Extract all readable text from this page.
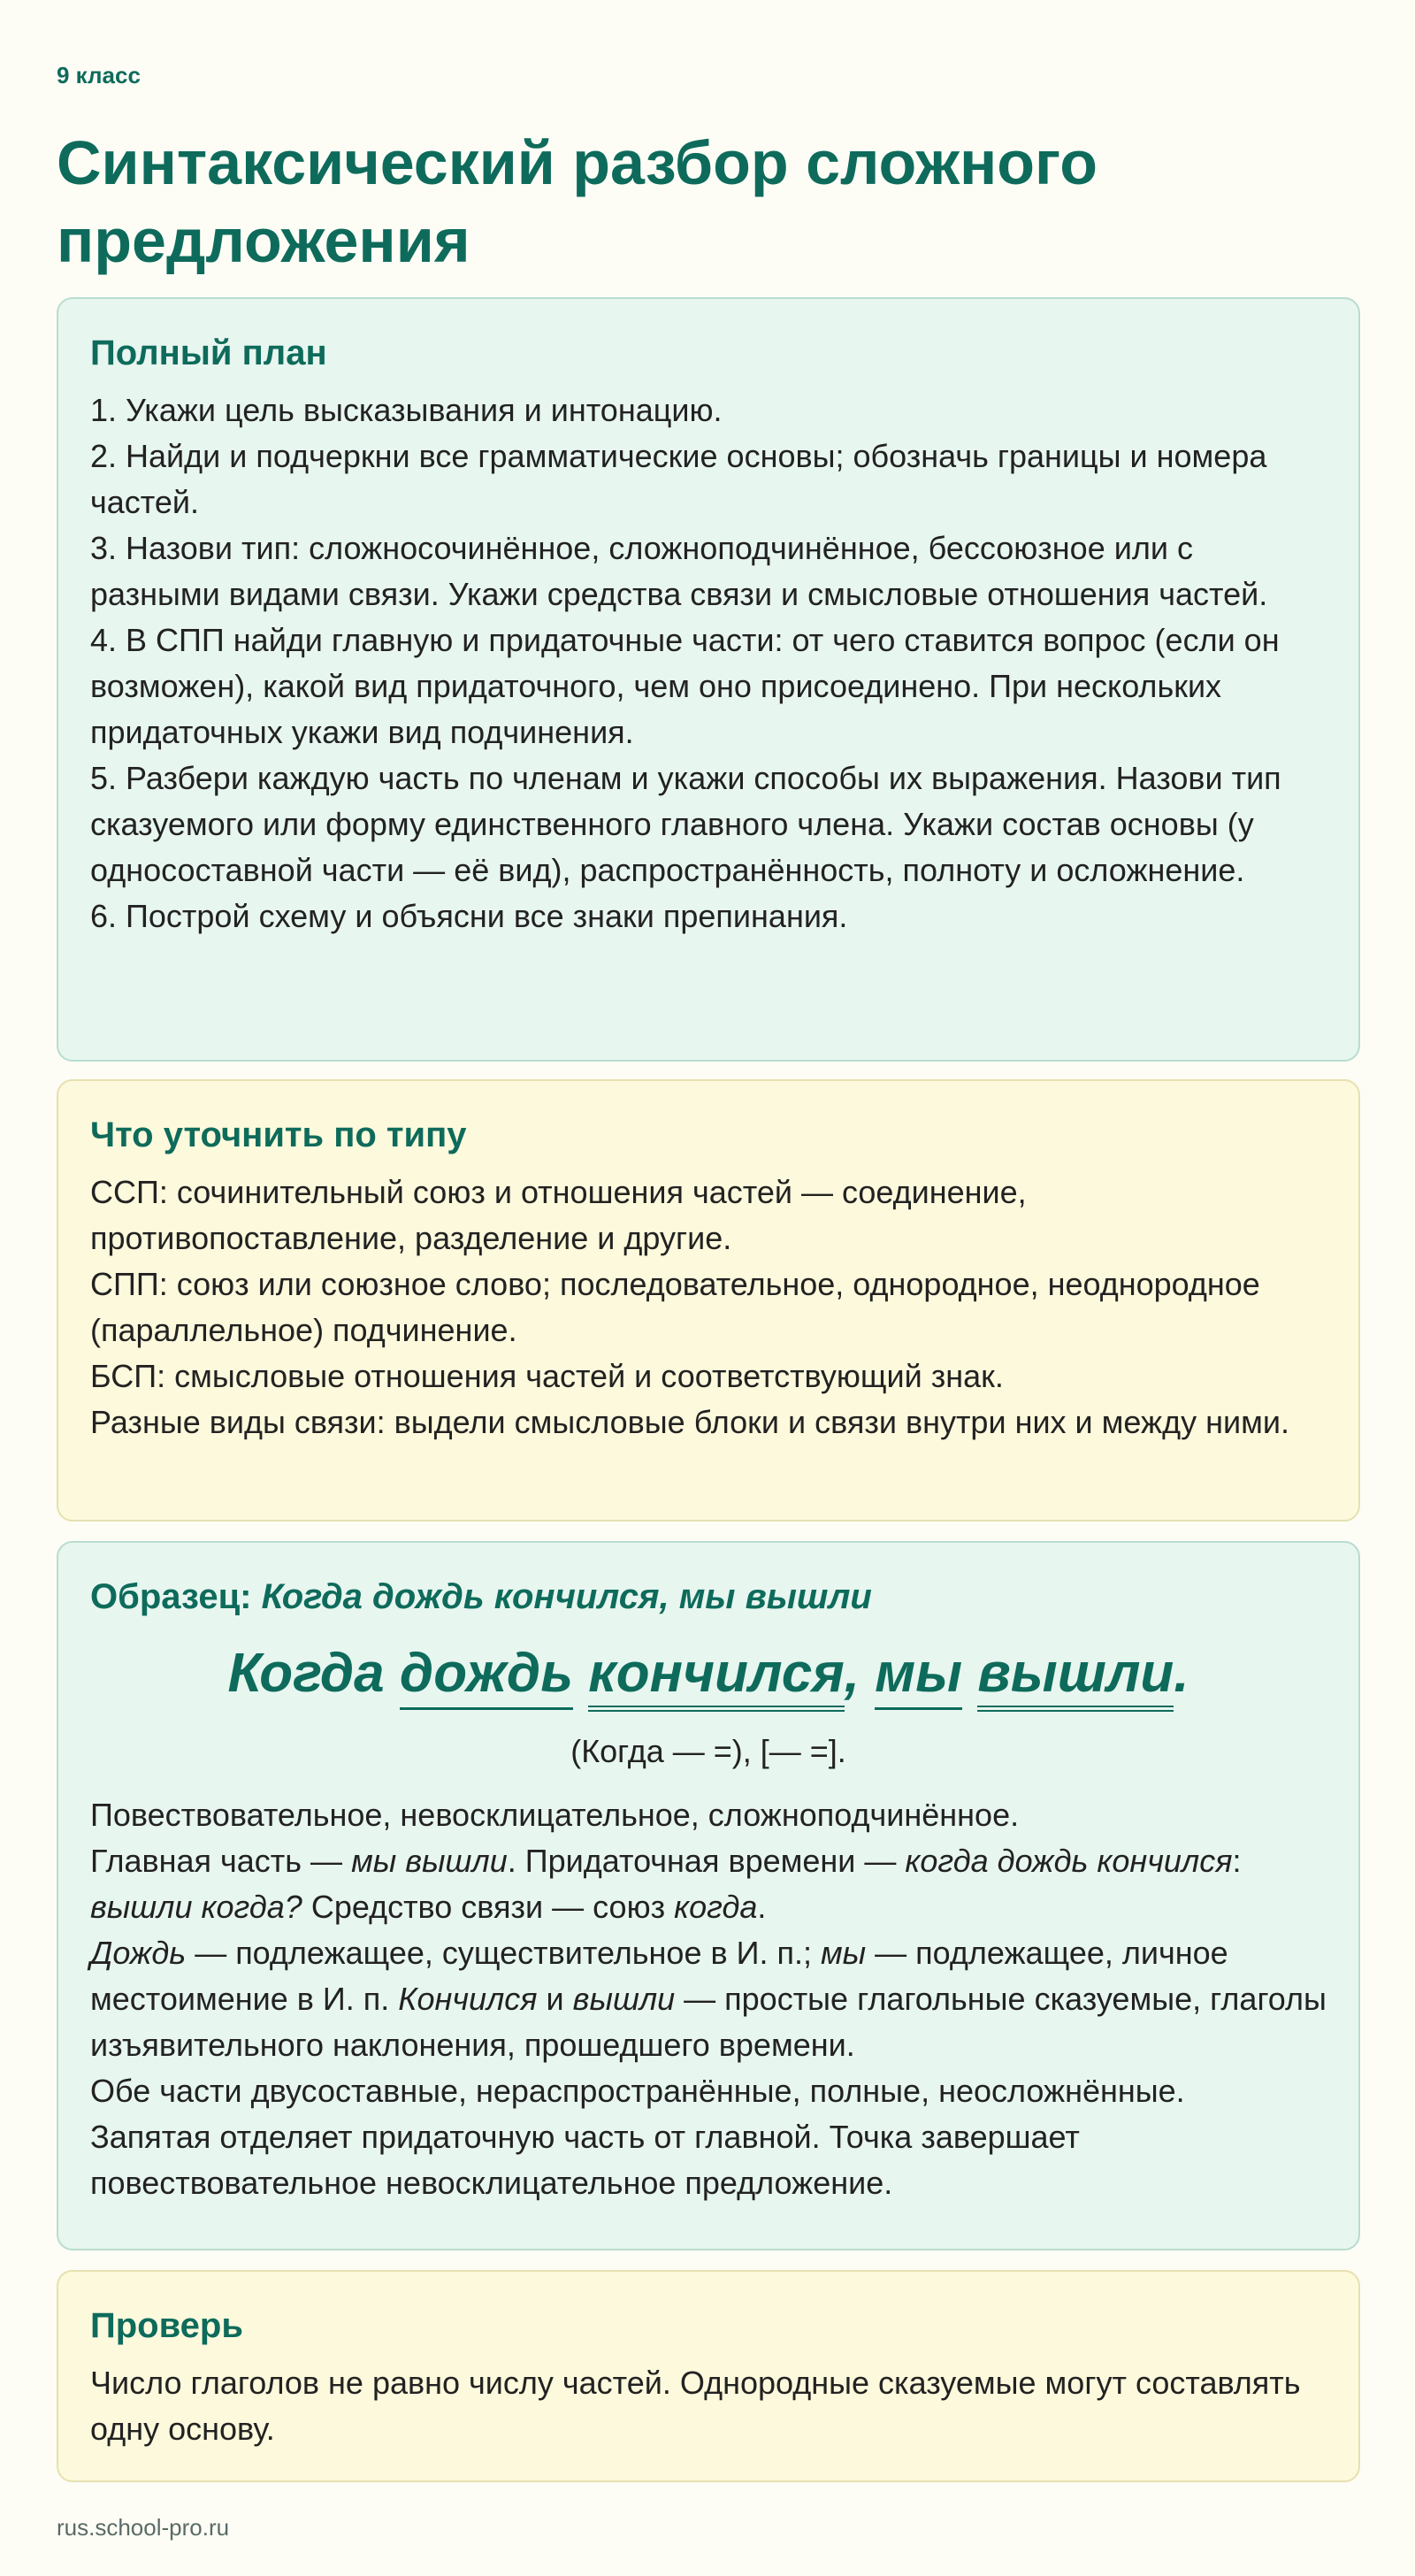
9 класс
Синтаксический разбор сложного предложения
Полный план

1. Укажи цель высказывания и интонацию.

2. Найди и подчеркни все грамматические основы; обозначь границы и номера частей.

3. Назови тип: сложносочинённое, сложноподчинённое, бессоюзное или с разными видами связи. Укажи средства связи и смысловые отношения частей.

4. В СПП найди главную и придаточные части: от чего ставится вопрос (если он возможен), какой вид придаточного, чем оно присоединено. При нескольких придаточных укажи вид подчинения.

5. Разбери каждую часть по членам и укажи способы их выражения. Назови тип сказуемого или форму единственного главного члена. Укажи состав основы (у односоставной части — её вид), распространённость, полноту и осложнение.

6. Построй схему и объясни все знаки препинания.

Что уточнить по типу

ССП: сочинительный союз и отношения частей — соединение, противопоставление, разделение и другие.

СПП: союз или союзное слово; последовательное, однородное, неоднородное (параллельное) подчинение.

БСП: смысловые отношения частей и соответствующий знак.

Разные виды связи: выдели смысловые блоки и связи внутри них и между ними.

Образец: Когда дождь кончился, мы вышли
Когда дождь кончился, мы вышли.
(Когда — =), [— =].

Повествовательное, невосклицательное, сложноподчинённое.

Главная часть — мы вышли. Придаточная времени — когда дождь кончился: вышли когда? Средство связи — союз когда.

Дождь — подлежащее, существительное в И. п.; мы — подлежащее, личное местоимение в И. п. Кончился и вышли — простые глагольные сказуемые, глаголы изъявительного наклонения, прошедшего времени.

Обе части двусоставные, нераспространённые, полные, неосложнённые.

Запятая отделяет придаточную часть от главной. Точка завершает повествовательное невосклицательное предложение.

Проверь

Число глаголов не равно числу частей. Однородные сказуемые могут составлять одну основу.

rus.school-pro.ru
